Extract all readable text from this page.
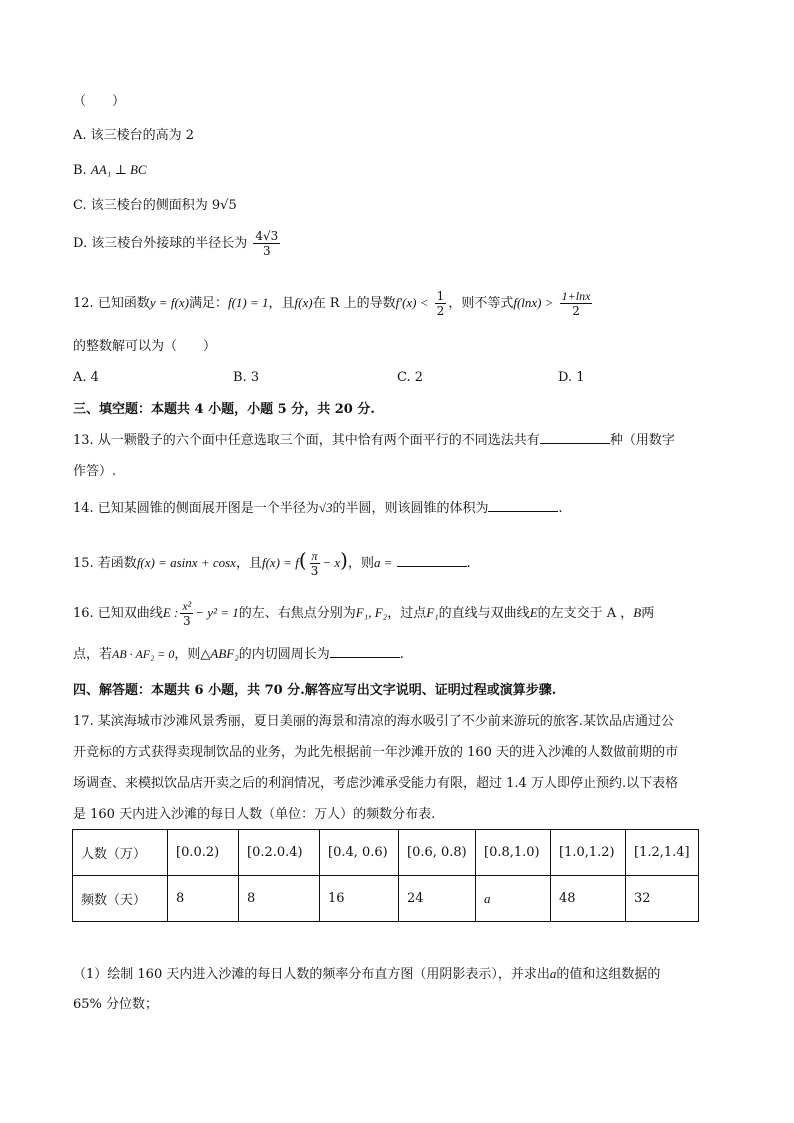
（　　）
A. 该三棱台的高为 2
B. AA₁ ⊥ BC
C. 该三棱台的侧面积为 9√5
D. 该三棱台外接球的半径长为 $\frac{4√3}{3}$
12. 已知函数y = f(x)满足：f(1) = 1，且f(x)在 R 上的导数$f'(x) < \frac{1}{2}$ ，则不等式$f(\ln x) > \frac{1+\ln x}{2}$
的整数解可以为（　　）
A. 4	B. 3	C. 2	D. 1
三、填空题：本题共 4 小题，小题 5 分，共 20 分.
13. 从一颗骰子的六个面中任意选取三个面，其中恰有两个面平行的不同选法共有	种（用数字
作答）.
14. 已知某圆锥的侧面展开图是一个半径为√3的半圆，则该圆锥的体积为	.
15. 若函数f(x) = asinx + cosx，且$f(x) = f( \frac{\pi}{3} - x)$，则a =	.
16. 已知双曲线E : $\frac{\text{x²}}{3} - y^2 = 1$的左、右焦点分别为F₁, F₂，过点F₁的直线与双曲线E的左支交于 A ，B两
点，若AB · AF₂ = 0，则△ABF₂的内切圆周长为	.
四、解答题：本题共 6 小题，共 70 分.解答应写出文字说明、证明过程或演算步骤.
17. 某滨海城市沙滩风景秀丽，夏日美丽的海景和清凉的海水吸引了不少前来游玩的旅客.某饮品店通过公
开竞标的方式获得卖现制饮品的业务，为此先根据前一年沙滩开放的 160 天的进入沙滩的人数做前期的市
场调查、来模拟饮品店开卖之后的利润情况，考虑沙滩承受能力有限，超过 1.4 万人即停止预约.以下表格
是 160 天内进入沙滩的每日人数（单位：万人）的频数分布表.
人数（万）	[0.0.2)	[0.2.0.4)	[0.4, 0.6)	[0.6, 0.8)	[0.8,1.0)	[1.0,1.2)	[1.2,1.4]
频数（天）	8	8	16	24	a	48	32
（1）绘制 160 天内进入沙滩的每日人数的频率分布直方图（用阴影表示），并求出a的值和这组数据的
65% 分位数；
